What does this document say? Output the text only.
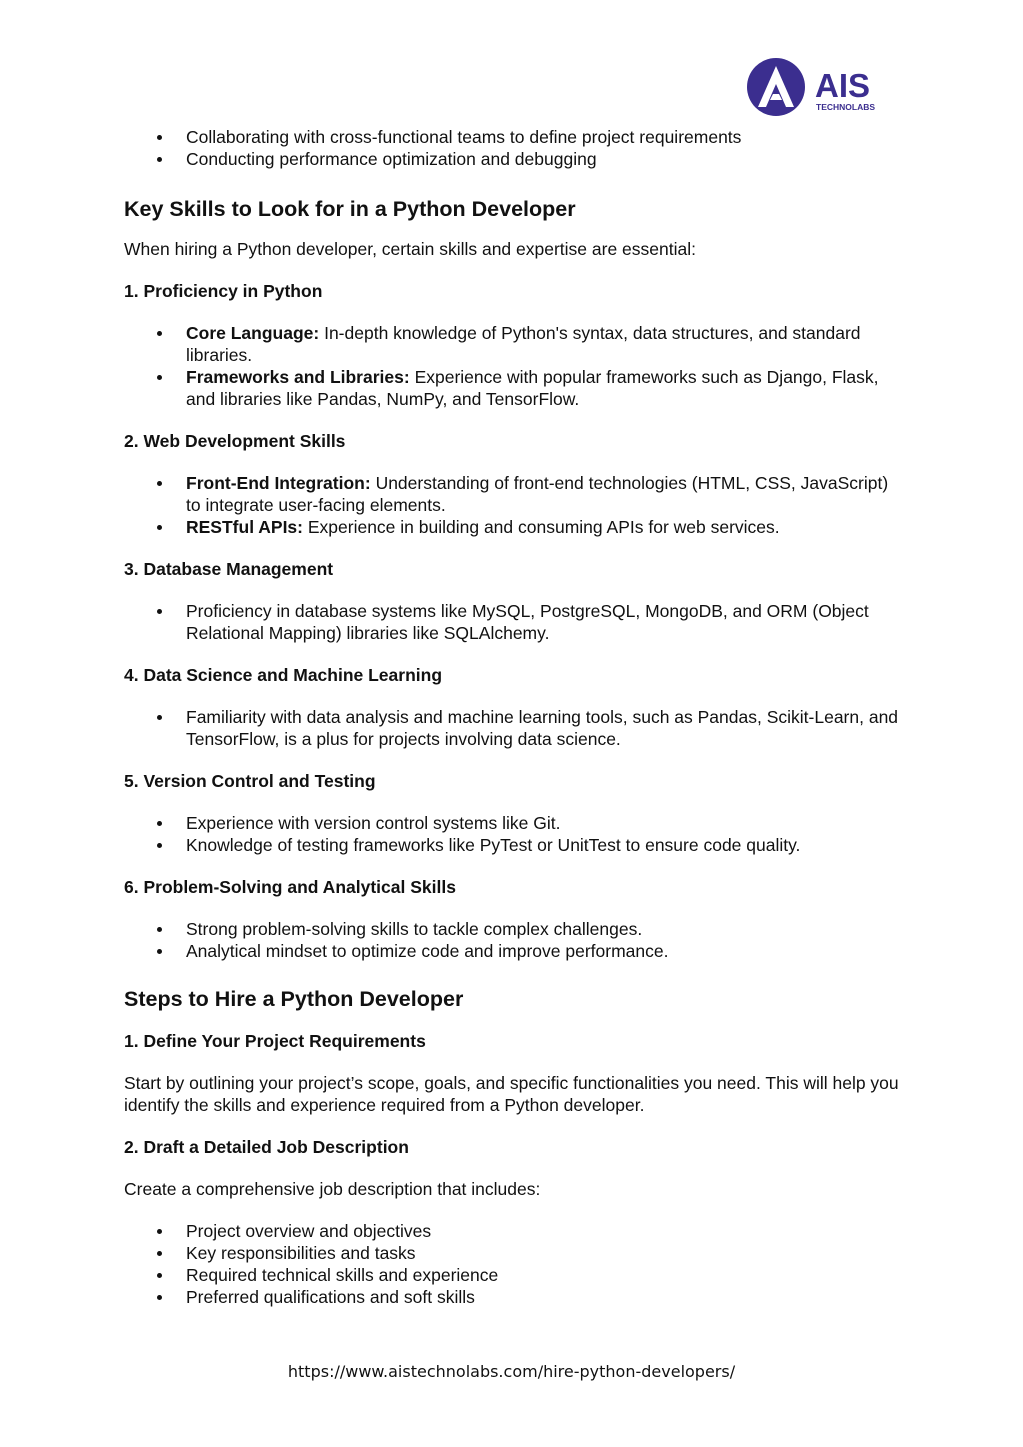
AIS
TECHNOLABS
Collaborating with cross-functional teams to define project requirements
Conducting performance optimization and debugging
Key Skills to Look for in a Python Developer

When hiring a Python developer, certain skills and expertise are essential:

1. Proficiency in Python
Core Language: In-depth knowledge of Python's syntax, data structures, and standard libraries.
Frameworks and Libraries: Experience with popular frameworks such as Django, Flask, and libraries like Pandas, NumPy, and TensorFlow.
2. Web Development Skills
Front-End Integration: Understanding of front-end technologies (HTML, CSS, JavaScript) to integrate user-facing elements.
RESTful APIs: Experience in building and consuming APIs for web services.
3. Database Management
Proficiency in database systems like MySQL, PostgreSQL, MongoDB, and ORM (Object Relational Mapping) libraries like SQLAlchemy.
4. Data Science and Machine Learning
Familiarity with data analysis and machine learning tools, such as Pandas, Scikit-Learn, and TensorFlow, is a plus for projects involving data science.
5. Version Control and Testing
Experience with version control systems like Git.
Knowledge of testing frameworks like PyTest or UnitTest to ensure code quality.
6. Problem-Solving and Analytical Skills
Strong problem-solving skills to tackle complex challenges.
Analytical mindset to optimize code and improve performance.
Steps to Hire a Python Developer
1. Define Your Project Requirements

Start by outlining your project’s scope, goals, and specific functionalities you need. This will help you identify the skills and experience required from a Python developer.

2. Draft a Detailed Job Description

Create a comprehensive job description that includes:

Project overview and objectives
Key responsibilities and tasks
Required technical skills and experience
Preferred qualifications and soft skills
https://www.aistechnolabs.com/hire-python-developers/
